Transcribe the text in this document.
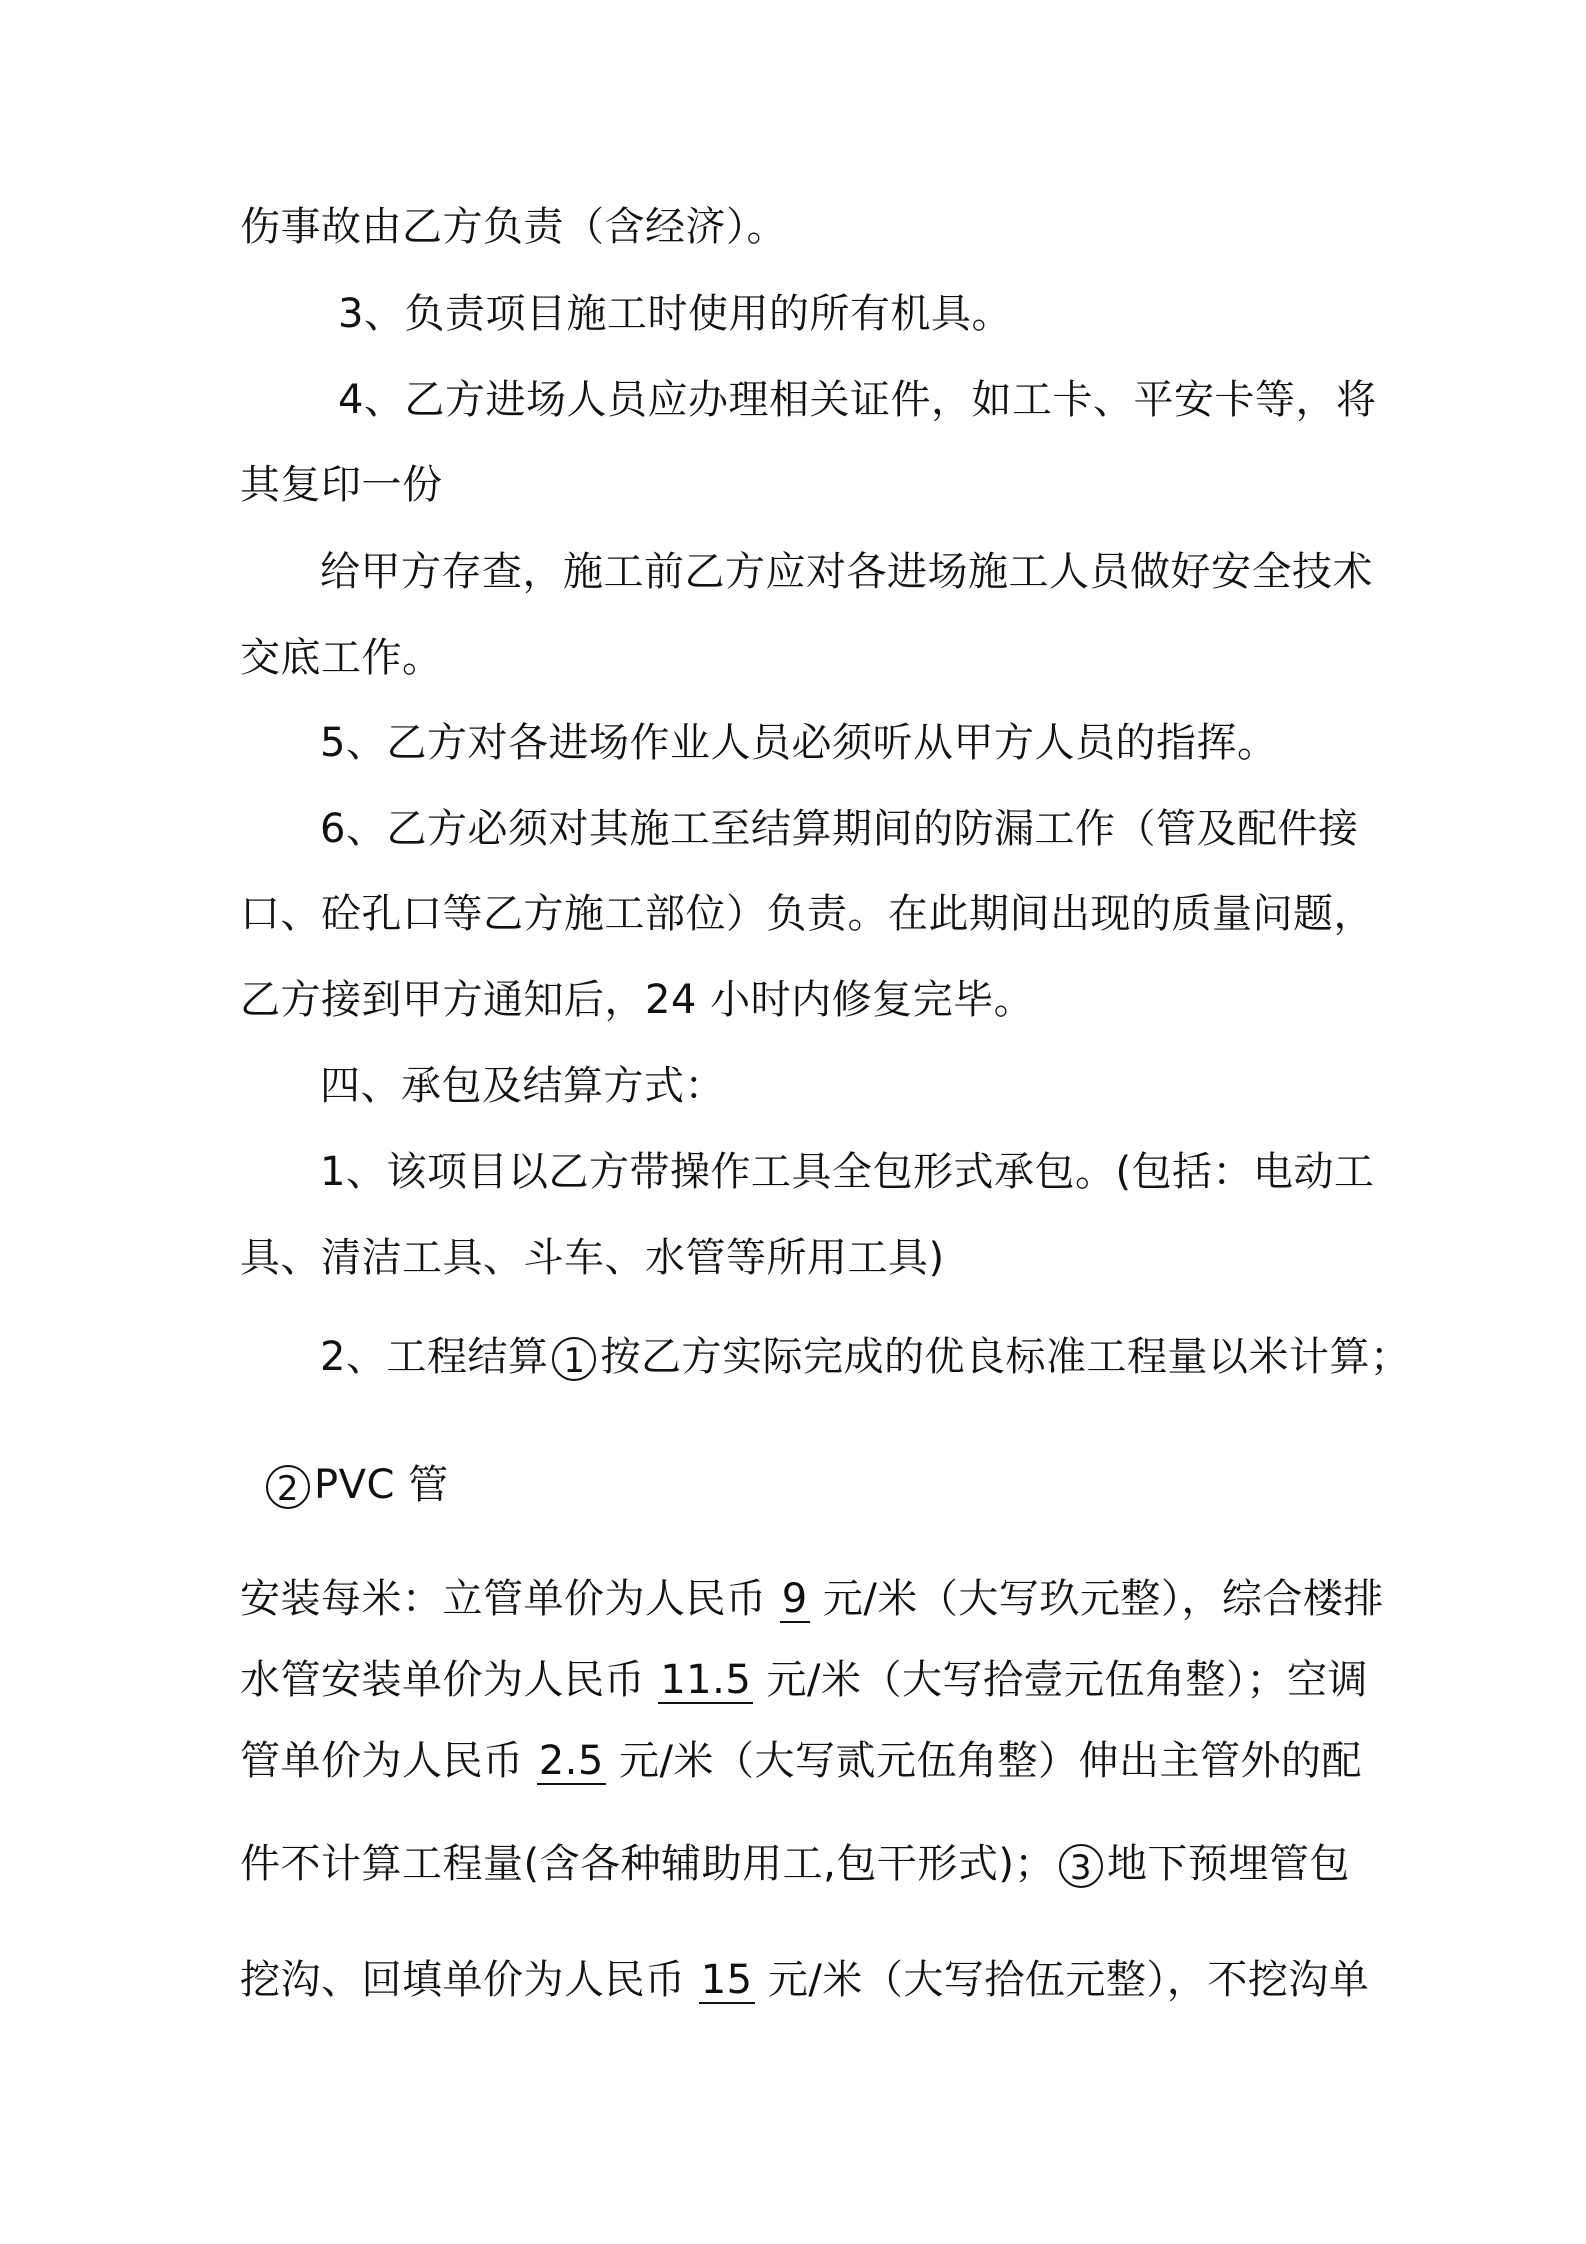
伤事故由乙方负责（含经济）。

3、负责项目施工时使用的所有机具。

4、乙方进场人员应办理相关证件，如工卡、平安卡等，将

其复印一份

给甲方存查，施工前乙方应对各进场施工人员做好安全技术

交底工作。

5、乙方对各进场作业人员必须听从甲方人员的指挥。

6、乙方必须对其施工至结算期间的防漏工作（管及配件接

口、砼孔口等乙方施工部位）负责。在此期间出现的质量问题，

乙方接到甲方通知后，24 小时内修复完毕。

四、承包及结算方式：

1、该项目以乙方带操作工具全包形式承包。(包括：电动工

具、清洁工具、斗车、水管等所用工具)

2、工程结算 1 按乙方实际完成的优良标准工程量以米计算；

2 PVC 管

安装每米：立管单价为人民币 9 元/米（大写玖元整），综合楼排

水管安装单价为人民币 11.5 元/米（大写拾壹元伍角整）；空调

管单价为人民币 2.5 元/米（大写贰元伍角整）伸出主管外的配

件不计算工程量(含各种辅助用工,包干形式)； 3 地下预埋管包

挖沟、回填单价为人民币 15 元/米（大写拾伍元整），不挖沟单
